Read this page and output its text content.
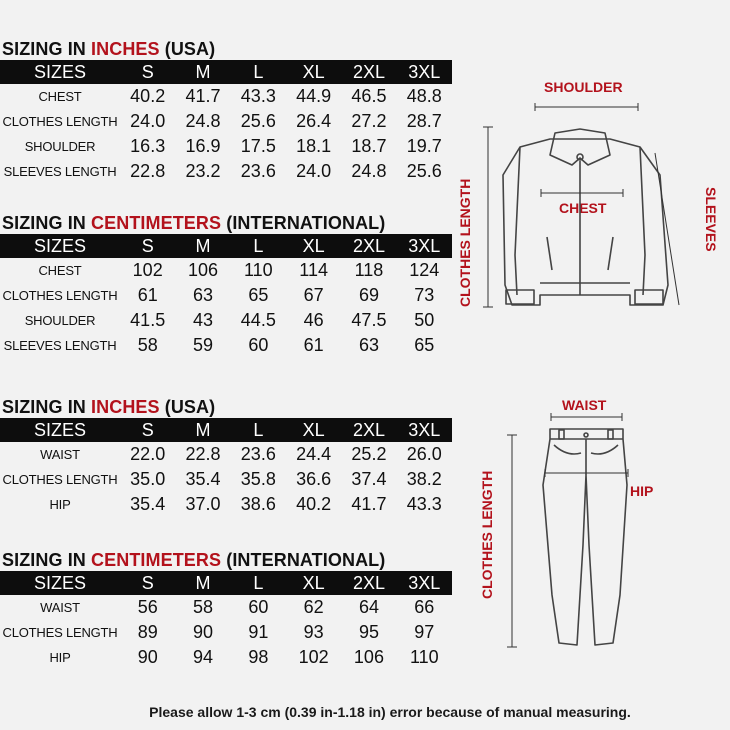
SIZING IN INCHES (USA)
SIZES	S	M	L	XL	2XL	3XL
CHEST	40.2	41.7	43.3	44.9	46.5	48.8
CLOTHES LENGTH	24.0	24.8	25.6	26.4	27.2	28.7
SHOULDER	16.3	16.9	17.5	18.1	18.7	19.7
SLEEVES LENGTH	22.8	23.2	23.6	24.0	24.8	25.6
SIZING IN CENTIMETERS (INTERNATIONAL)
SIZES	S	M	L	XL	2XL	3XL
CHEST	102	106	110	114	118	124
CLOTHES LENGTH	61	63	65	67	69	73
SHOULDER	41.5	43	44.5	46	47.5	50
SLEEVES LENGTH	58	59	60	61	63	65
SIZING IN INCHES (USA)
SIZES	S	M	L	XL	2XL	3XL
WAIST	22.0	22.8	23.6	24.4	25.2	26.0
CLOTHES LENGTH	35.0	35.4	35.8	36.6	37.4	38.2
HIP	35.4	37.0	38.6	40.2	41.7	43.3
SIZING IN CENTIMETERS (INTERNATIONAL)
SIZES	S	M	L	XL	2XL	3XL
WAIST	56	58	60	62	64	66
CLOTHES LENGTH	89	90	91	93	95	97
HIP	90	94	98	102	106	110
SHOULDER
CHEST
CLOTHES LENGTH	SLEEVES
WAIST
HIP
CLOTHES LENGTH
Please allow 1-3 cm (0.39 in-1.18 in) error because of manual measuring.
